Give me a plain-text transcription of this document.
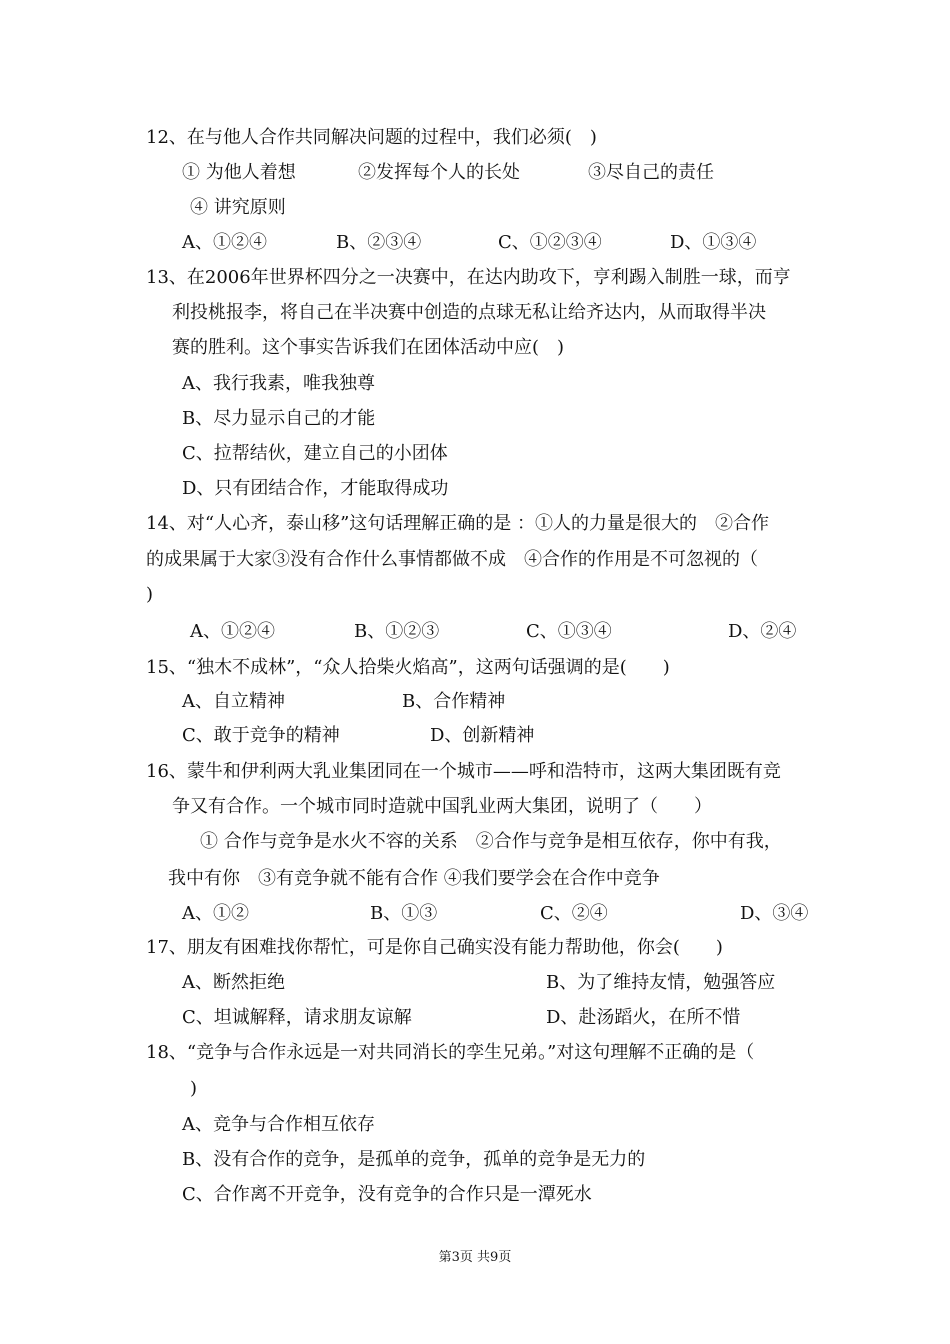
12、在与他人合作共同解决问题的过程中，我们必须(　)
① 为他人着想	②发挥每个人的长处	③尽自己的责任
④ 讲究原则
A、①②④	B、②③④	C、①②③④	D、①③④
13、在2006年世界杯四分之一决赛中，在达内助攻下，亨利踢入制胜一球，而亨
利投桃报李，将自己在半决赛中创造的点球无私让给齐达内，从而取得半决
赛的胜利。这个事实告诉我们在团体活动中应(　)
A、我行我素，唯我独尊
B、尽力显示自己的才能
C、拉帮结伙，建立自己的小团体
D、只有团结合作，才能取得成功
14、对“人心齐，泰山移”这句话理解正确的是 ：①人的力量是很大的　②合作
的成果属于大家③没有合作什么事情都做不成　④合作的作用是不可忽视的（
)
A、①②④	B、①②③	C、①③④	D、②④
15、“独木不成林”，“众人拾柴火焰高”，这两句话强调的是(　　)
A、自立精神	B、合作精神
C、敢于竞争的精神	D、创新精神
16、蒙牛和伊利两大乳业集团同在一个城市——呼和浩特市，这两大集团既有竞
争又有合作。一个城市同时造就中国乳业两大集团，说明了（　　）
① 合作与竞争是水火不容的关系　②合作与竞争是相互依存，你中有我，
我中有你　③有竞争就不能有合作 ④我们要学会在合作中竞争
A、①②	B、①③	C、②④	D、③④
17、朋友有困难找你帮忙，可是你自己确实没有能力帮助他，你会(　　)
A、断然拒绝	B、为了维持友情，勉强答应
C、坦诚解释，请求朋友谅解	D、赴汤蹈火，在所不惜
18、“竞争与合作永远是一对共同消长的孪生兄弟。”对这句理解不正确的是（
)
A、竞争与合作相互依存
B、没有合作的竞争，是孤单的竞争，孤单的竞争是无力的
C、合作离不开竞争，没有竞争的合作只是一潭死水
第3页 共9页
